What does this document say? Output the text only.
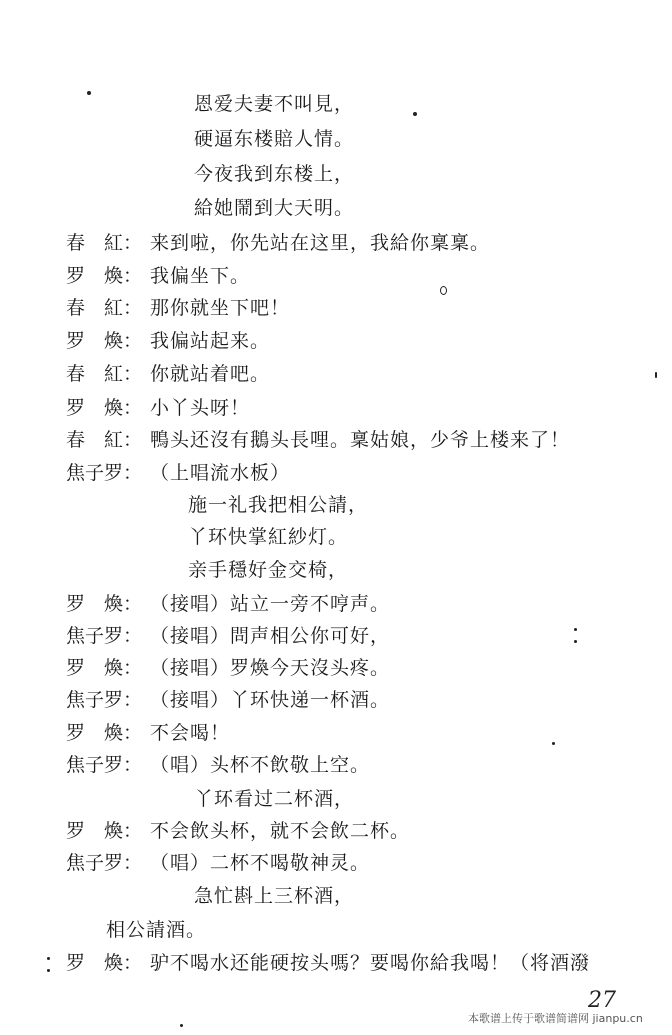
恩爱夫妻不叫見，
硬逼东楼賠人情。
今夜我到东楼上，
給她鬧到大天明。
春　紅： 来到啦，你先站在这里，我給你稟稟。
罗　煥： 我偏坐下。
春　紅： 那你就坐下吧！
罗　煥： 我偏站起来。
春　紅： 你就站着吧。
罗　煥： 小丫头呀！
春　紅： 鴨头还沒有鵝头長哩。稟姑娘，少爷上楼来了！
焦子罗： （上唱流水板）
施一礼我把相公請，
丫环快掌紅紗灯。
亲手穩好金交椅，
罗　煥： （接唱）站立一旁不哼声。
焦子罗： （接唱）問声相公你可好，
罗　煥： （接唱）罗煥今天沒头疼。
焦子罗： （接唱）丫环快递一杯酒。
罗　煥： 不会喝！
焦子罗： （唱）头杯不飲敬上空。
丫环看过二杯酒，
罗　煥： 不会飲头杯，就不会飲二杯。
焦子罗： （唱）二杯不喝敬神灵。
急忙斟上三杯酒，
相公請酒。
罗　煥： 驴不喝水还能硬按头嗎？要喝你給我喝！（将酒潑
27
本歌谱上传于歌谱简谱网 jianpu.cn
